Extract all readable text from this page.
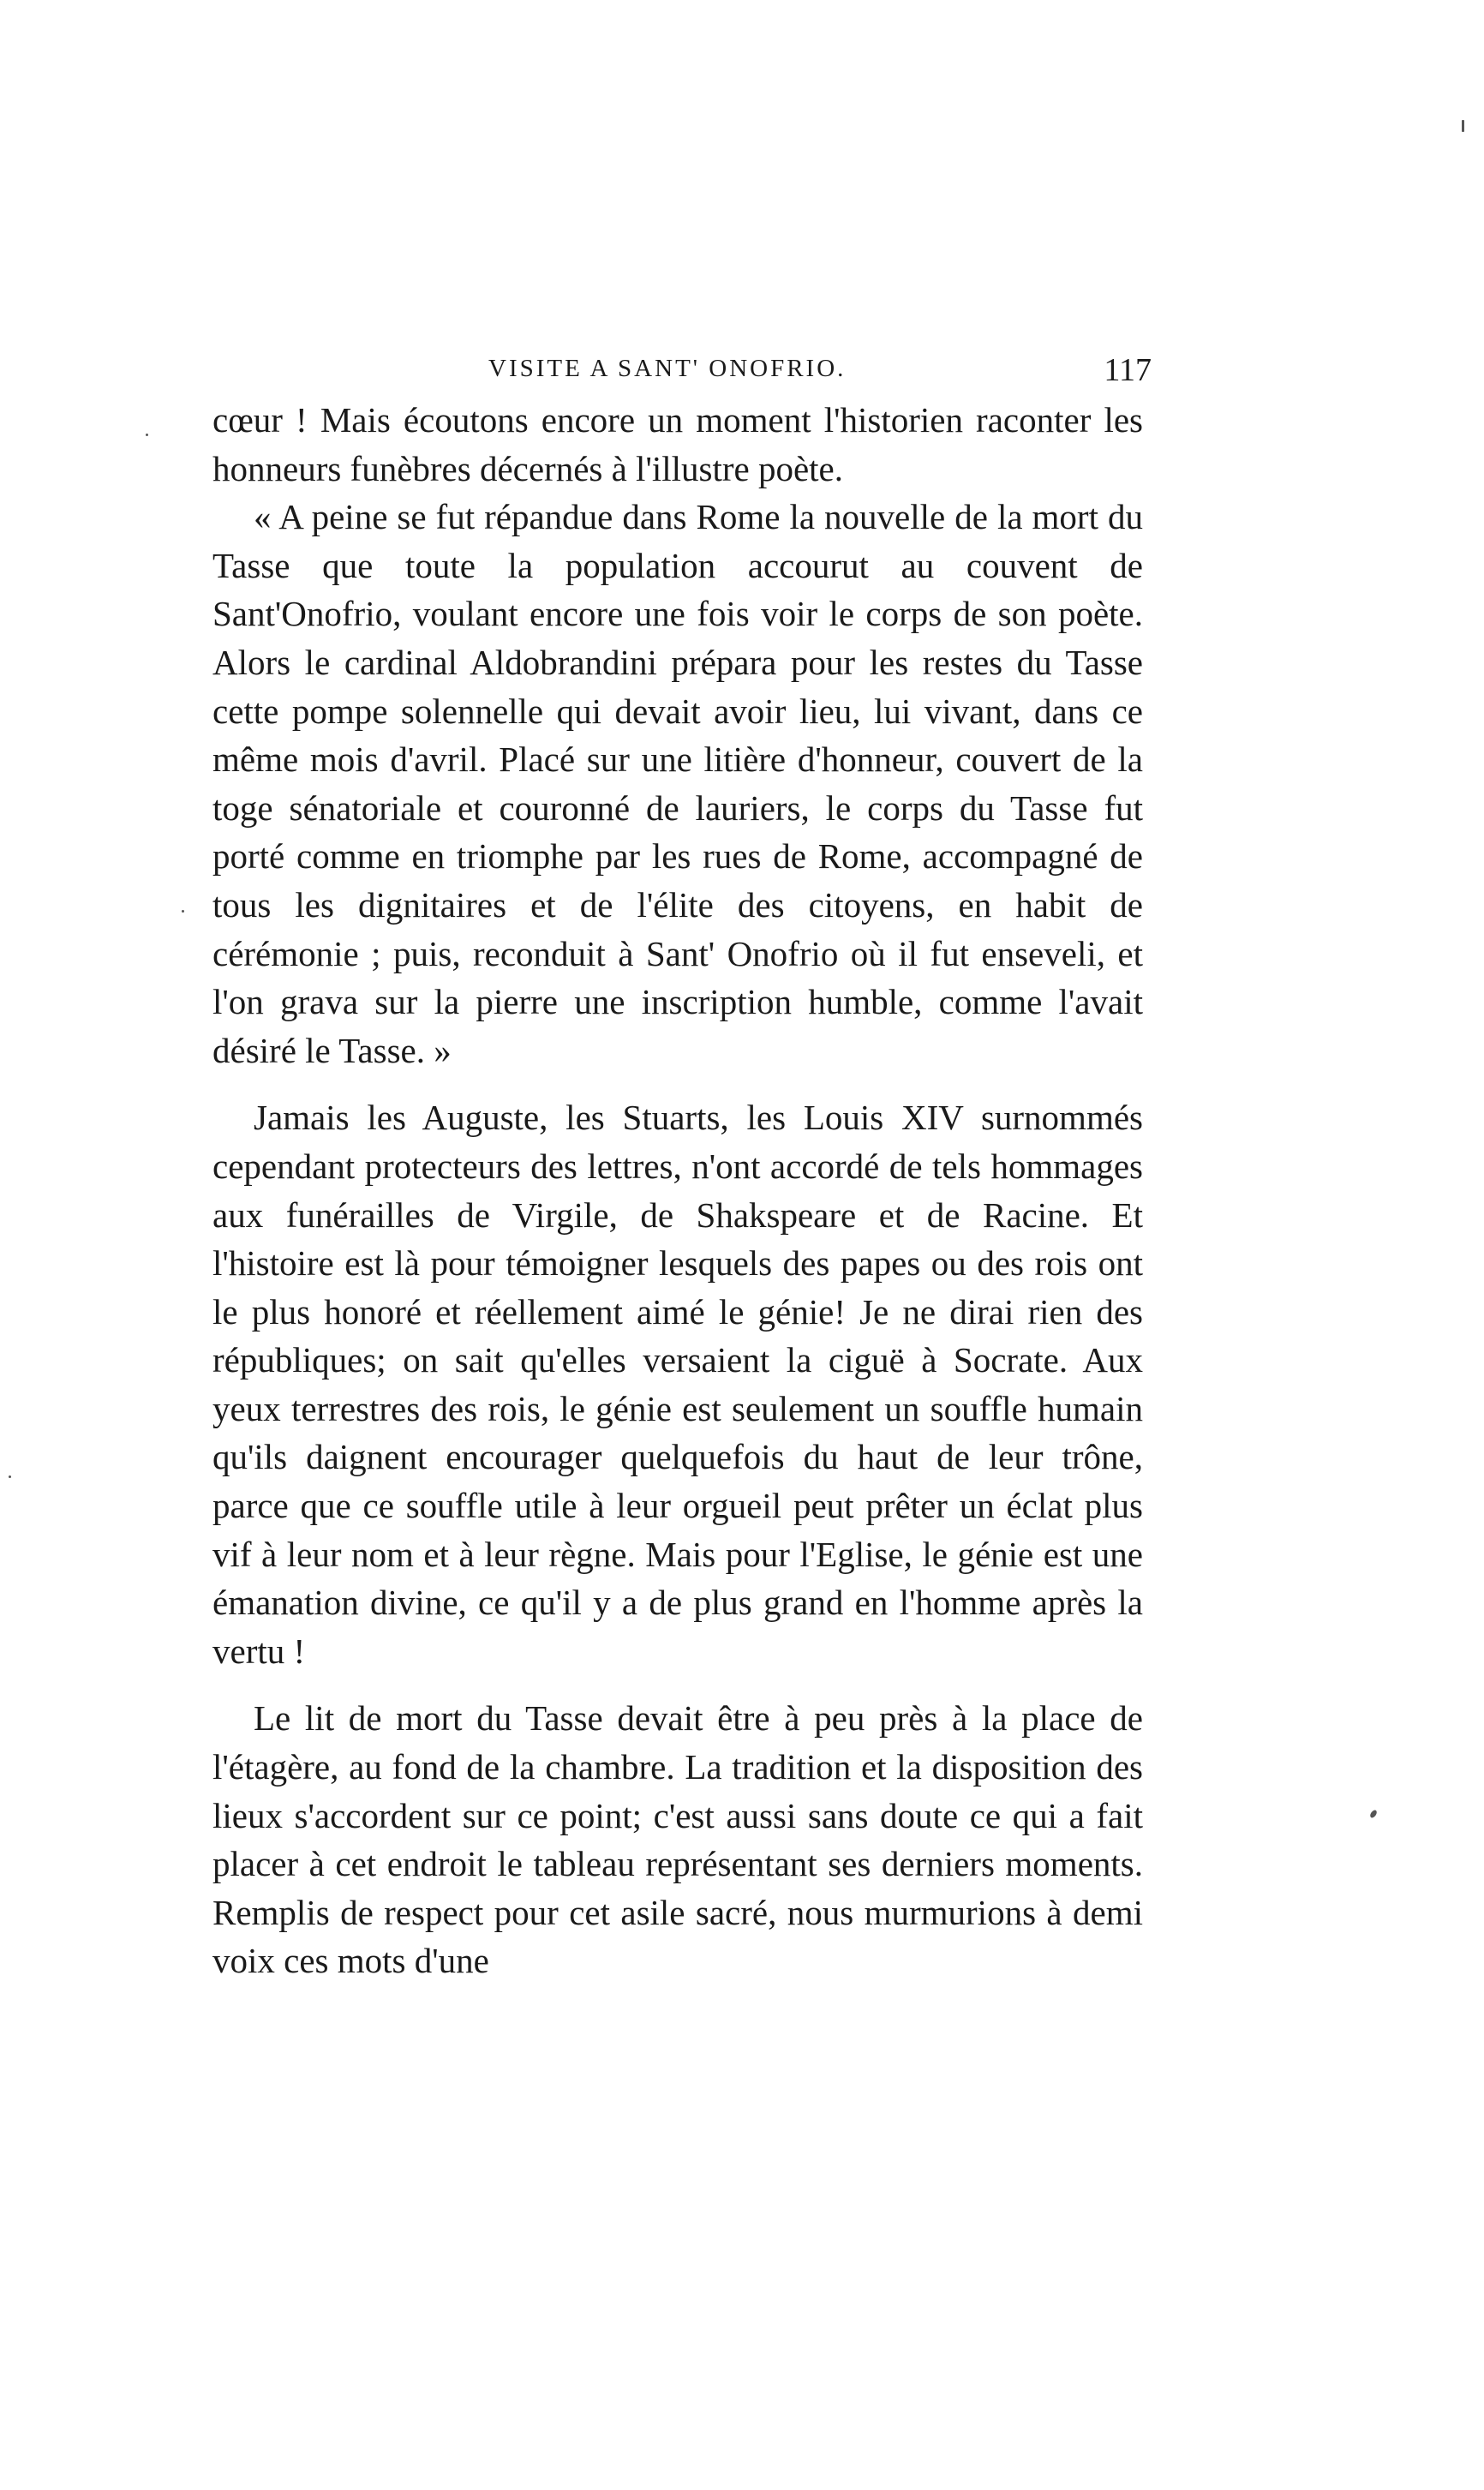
VISITE A SANT' ONOFRIO.	117

cœur ! Mais écoutons encore un moment l'historien raconter les honneurs funèbres décernés à l'illustre poète.

« A peine se fut répandue dans Rome la nouvelle de la mort du Tasse que toute la population accourut au couvent de Sant'Onofrio, voulant encore une fois voir le corps de son poète. Alors le cardinal Aldobrandini prépara pour les restes du Tasse cette pompe solennelle qui devait avoir lieu, lui vivant, dans ce même mois d'avril. Placé sur une litière d'honneur, couvert de la toge sénatoriale et couronné de lauriers, le corps du Tasse fut porté comme en triomphe par les rues de Rome, accompagné de tous les dignitaires et de l'élite des citoyens, en habit de cérémonie ; puis, reconduit à Sant' Onofrio où il fut enseveli, et l'on grava sur la pierre une inscription humble, comme l'avait désiré le Tasse. »

Jamais les Auguste, les Stuarts, les Louis XIV surnommés cependant protecteurs des lettres, n'ont accordé de tels hommages aux funérailles de Virgile, de Shakspeare et de Racine. Et l'histoire est là pour témoigner lesquels des papes ou des rois ont le plus honoré et réellement aimé le génie! Je ne dirai rien des républiques; on sait qu'elles versaient la ciguë à Socrate. Aux yeux terrestres des rois, le génie est seulement un souffle humain qu'ils daignent encourager quelquefois du haut de leur trône, parce que ce souffle utile à leur orgueil peut prêter un éclat plus vif à leur nom et à leur règne. Mais pour l'Eglise, le génie est une émanation divine, ce qu'il y a de plus grand en l'homme après la vertu !

Le lit de mort du Tasse devait être à peu près à la place de l'étagère, au fond de la chambre. La tradition et la disposition des lieux s'accordent sur ce point; c'est aussi sans doute ce qui a fait placer à cet endroit le tableau représentant ses derniers moments. Remplis de respect pour cet asile sacré, nous murmurions à demi voix ces mots d'une
